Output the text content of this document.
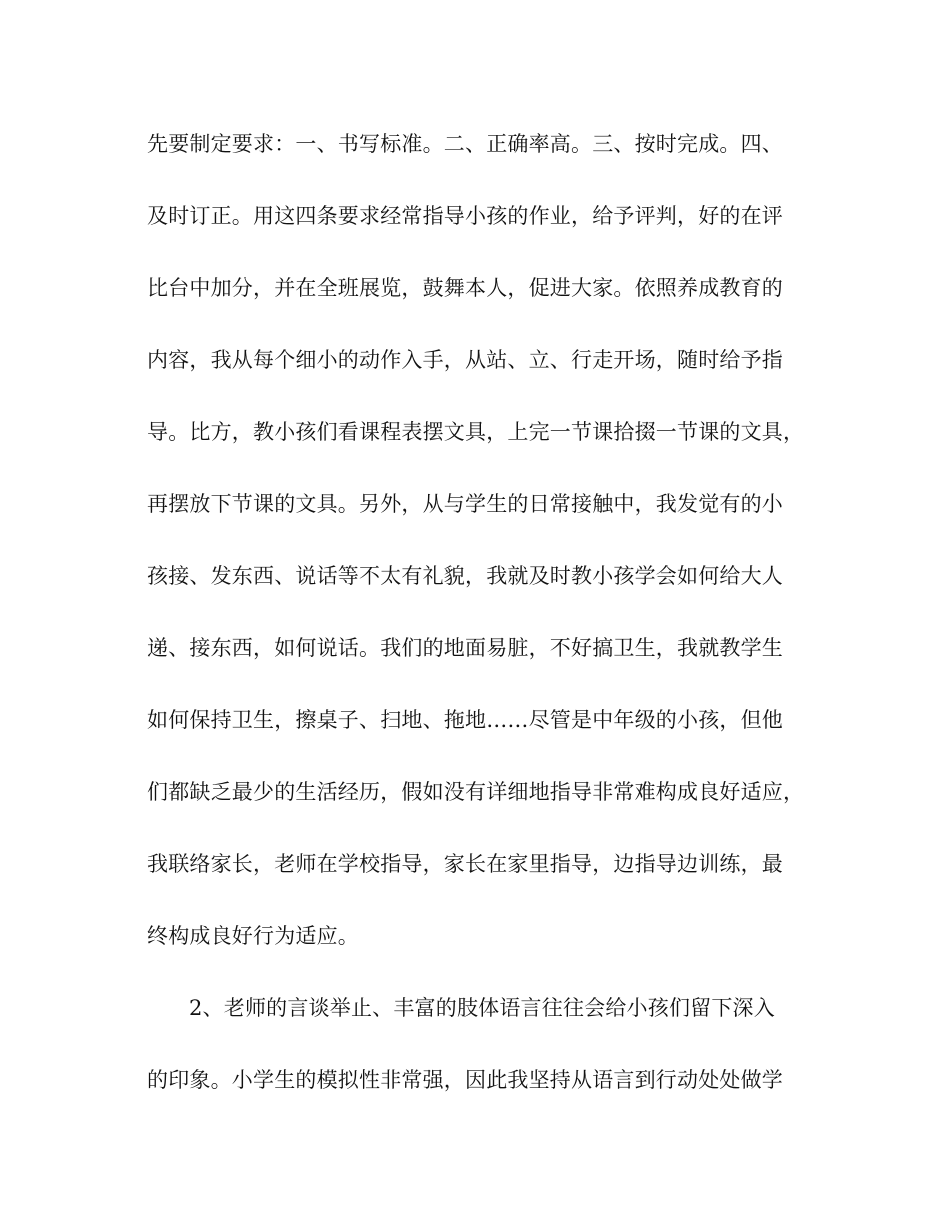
先要制定要求：一、书写标准。二、正确率高。三、按时完成。四、
及时订正。用这四条要求经常指导小孩的作业，给予评判，好的在评
比台中加分，并在全班展览，鼓舞本人，促进大家。依照养成教育的
内容，我从每个细小的动作入手，从站、立、行走开场，随时给予指
导。比方，教小孩们看课程表摆文具，上完一节课拾掇一节课的文具，
再摆放下节课的文具。另外，从与学生的日常接触中，我发觉有的小
孩接、发东西、说话等不太有礼貌，我就及时教小孩学会如何给大人
递、接东西，如何说话。我们的地面易脏，不好搞卫生，我就教学生
如何保持卫生，擦桌子、扫地、拖地……尽管是中年级的小孩，但他
们都缺乏最少的生活经历，假如没有详细地指导非常难构成良好适应，
我联络家长，老师在学校指导，家长在家里指导，边指导边训练，最
终构成良好行为适应。
2、老师的言谈举止、丰富的肢体语言往往会给小孩们留下深入
的印象。小学生的模拟性非常强，因此我坚持从语言到行动处处做学
